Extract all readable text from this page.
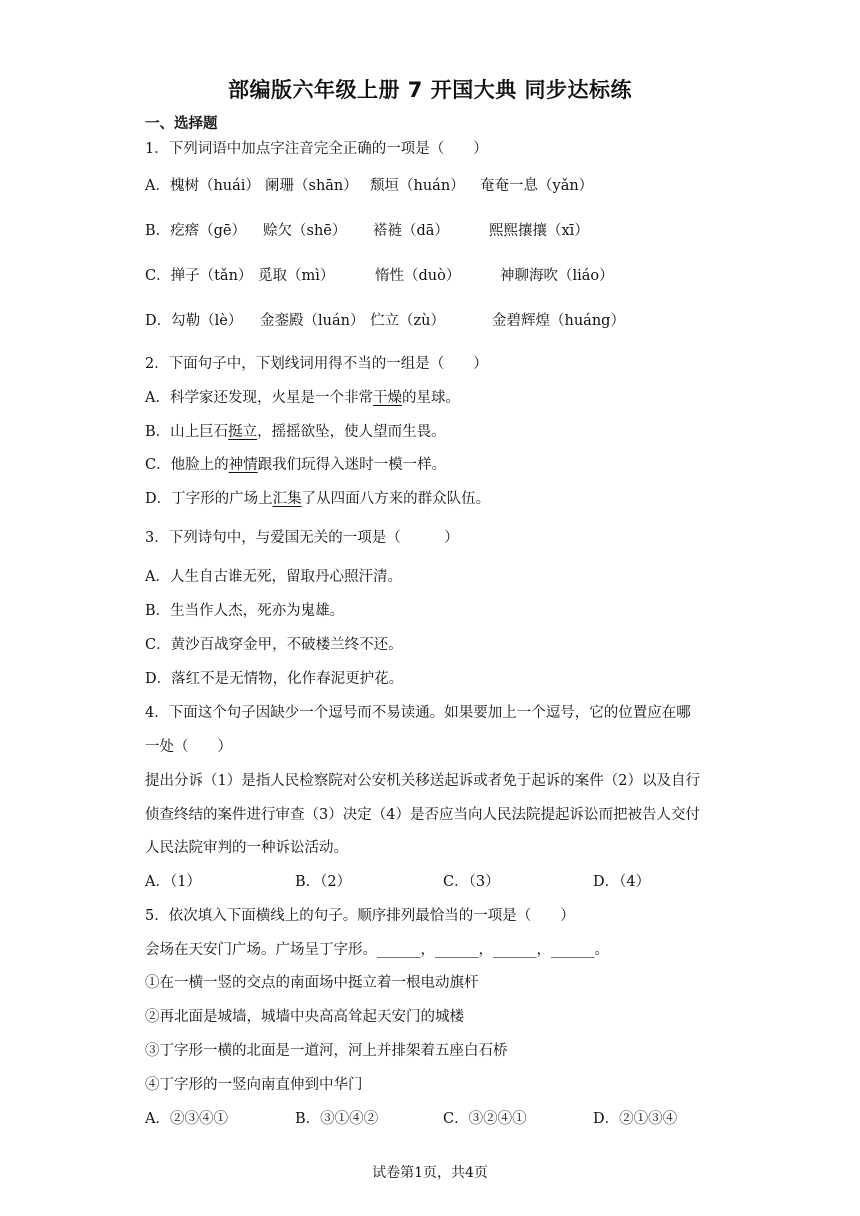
部编版六年级上册 7 开国大典 同步达标练
一、选择题
1．下列词语中加点字注音完全正确的一项是（　　）
A．槐树（huái） 阑珊（shān） 颓垣（huán） 奄奄一息（yǎn）
B．疙瘩（gē） 赊欠（shē） 褡裢（dā）	熙熙攘攘（xī）
C．掸子（tǎn） 觅取（mì）	惰性（duò）	神聊海吹（liáo）
D．勾勒（lè） 金銮殿（luán） 伫立（zù）	金碧辉煌（huáng）
2．下面句子中，下划线词用得不当的一组是（　　）
A．科学家还发现，火星是一个非常干燥的星球。
B．山上巨石挺立，摇摇欲坠，使人望而生畏。
C．他脸上的神情跟我们玩得入迷时一模一样。
D．丁字形的广场上汇集了从四面八方来的群众队伍。
3．下列诗句中，与爱国无关的一项是（　　　）
A．人生自古谁无死，留取丹心照汗清。
B．生当作人杰，死亦为鬼雄。
C．黄沙百战穿金甲，不破楼兰终不还。
D．落红不是无情物，化作春泥更护花。
4．下面这个句子因缺少一个逗号而不易读通。如果要加上一个逗号，它的位置应在哪
一处（　　）
提出分诉（1）是指人民检察院对公安机关移送起诉或者免于起诉的案件（2）以及自行
侦查终结的案件进行审查（3）决定（4）是否应当向人民法院提起诉讼而把被告人交付
人民法院审判的一种诉讼活动。
A．（1）	B．（2）	C．（3）	D．（4）
5．依次填入下面横线上的句子。顺序排列最恰当的一项是（　　）
会场在天安门广场。广场呈丁字形。______，______，______，______。
①在一横一竖的交点的南面场中挺立着一根电动旗杆
②再北面是城墙，城墙中央高高耸起天安门的城楼
③丁字形一横的北面是一道河，河上并排架着五座白石桥
④丁字形的一竖向南直伸到中华门
A．②③④①	B．③①④②	C．③②④①	D．②①③④
试卷第1页，共4页
